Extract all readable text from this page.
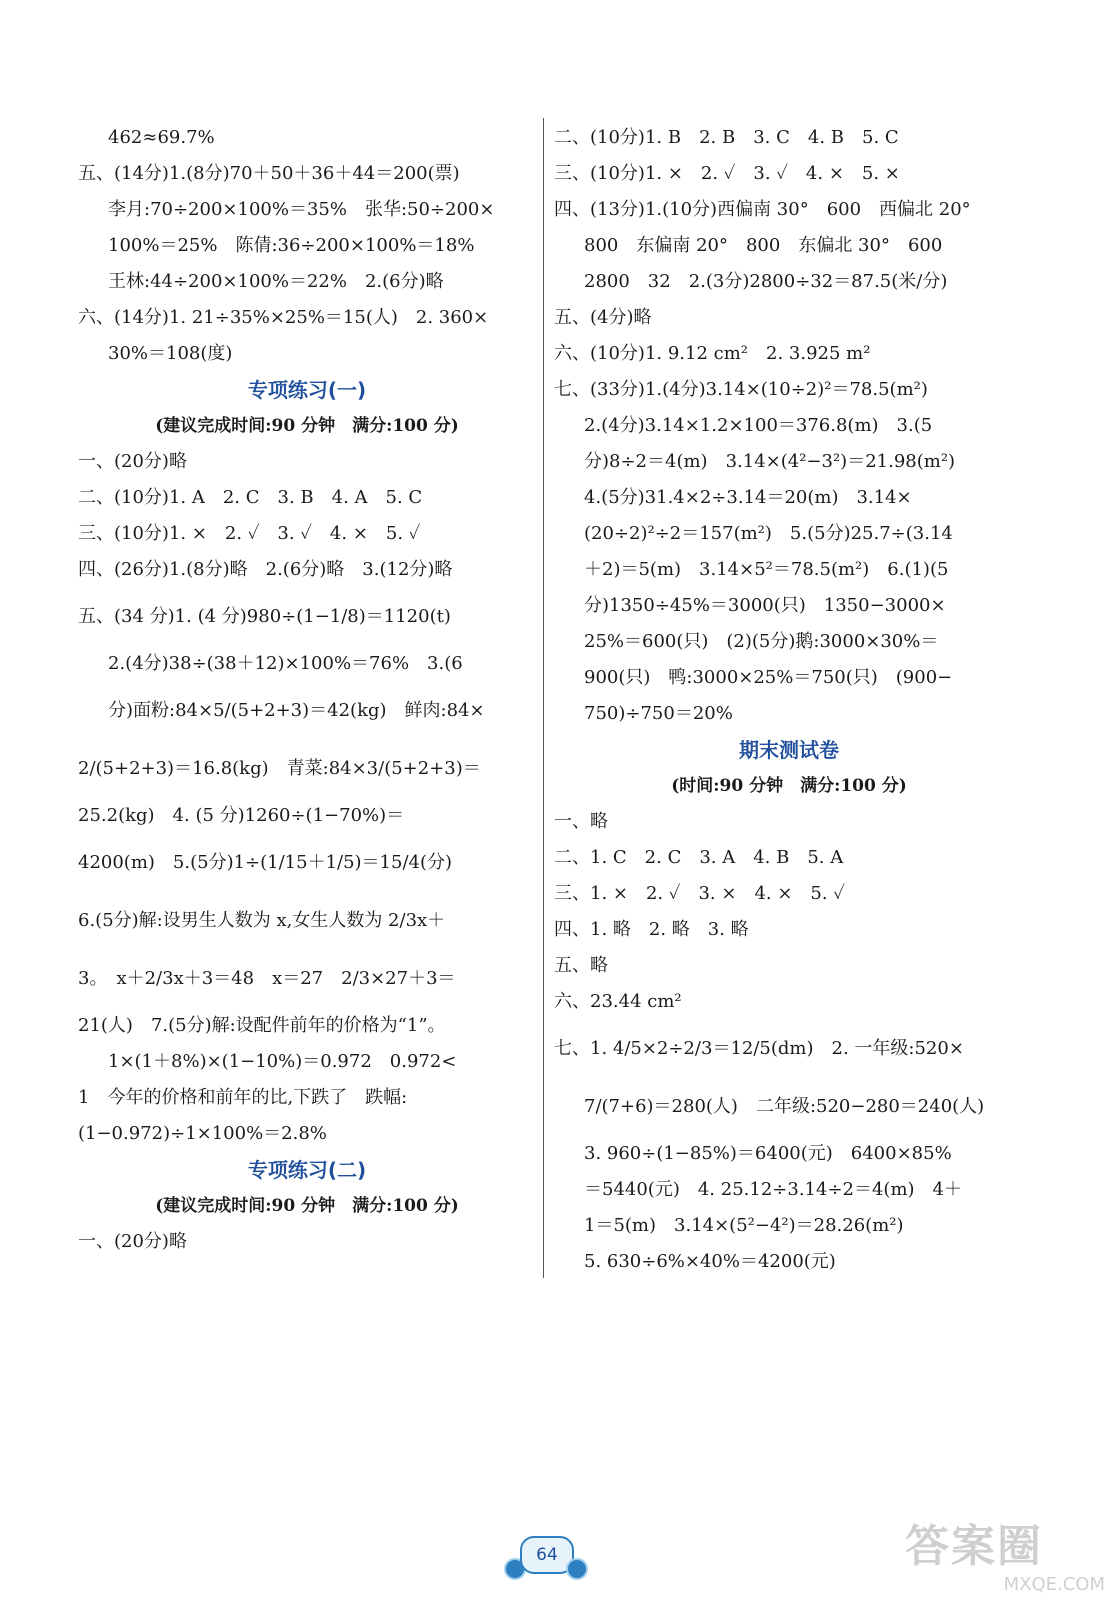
462≈69.7%
五、(14分)1.(8分)70＋50＋36＋44＝200(票)
李月:70÷200×100%＝35%　张华:50÷200×
100%＝25%　陈倩:36÷200×100%＝18%
王林:44÷200×100%＝22%　2.(6分)略
六、(14分)1. 21÷35%×25%＝15(人)　2. 360×
30%＝108(度)
专项练习(一)
(建议完成时间:90 分钟　满分:100 分)
一、(20分)略
二、(10分)1. A　2. C　3. B　4. A　5. C
三、(10分)1. ×　2. ✓　3. ✓　4. ×　5. ✓
四、(26分)1.(8分)略　2.(6分)略　3.(12分)略
五、(34 分)1. (4 分)980÷(1−1/8)＝1120(t)
2.(4分)38÷(38＋12)×100%＝76%　3.(6
分)面粉:84×5/(5+2+3)＝42(kg)　鲜肉:84×
2/(5+2+3)＝16.8(kg)　青菜:84×3/(5+2+3)＝
25.2(kg)　4. (5 分)1260÷(1−70%)＝
4200(m)　5.(5分)1÷(1/15＋1/5)＝15/4(分)
6.(5分)解:设男生人数为 x,女生人数为 2/3x＋
3。　x＋2/3x＋3＝48　x＝27　2/3×27＋3＝
21(人)　7.(5分)解:设配件前年的价格为“1”。
1×(1＋8%)×(1−10%)＝0.972　0.972<
1　今年的价格和前年的比,下跌了　跌幅:
(1−0.972)÷1×100%＝2.8%
专项练习(二)
(建议完成时间:90 分钟　满分:100 分)
一、(20分)略
二、(10分)1. B　2. B　3. C　4. B　5. C
三、(10分)1. ×　2. ✓　3. ✓　4. ×　5. ×
四、(13分)1.(10分)西偏南 30°　600　西偏北 20°
800　东偏南 20°　800　东偏北 30°　600
2800　32　2.(3分)2800÷32＝87.5(米/分)
五、(4分)略
六、(10分)1. 9.12 cm²　2. 3.925 m²
七、(33分)1.(4分)3.14×(10÷2)²＝78.5(m²)
2.(4分)3.14×1.2×100＝376.8(m)　3.(5
分)8÷2＝4(m)　3.14×(4²−3²)＝21.98(m²)
4.(5分)31.4×2÷3.14＝20(m)　3.14×
(20÷2)²÷2＝157(m²)　5.(5分)25.7÷(3.14
＋2)＝5(m)　3.14×5²＝78.5(m²)　6.(1)(5
分)1350÷45%＝3000(只)　1350−3000×
25%＝600(只)　(2)(5分)鹅:3000×30%＝
900(只)　鸭:3000×25%＝750(只)　(900−
750)÷750＝20%
期末测试卷
(时间:90 分钟　满分:100 分)
一、略
二、1. C　2. C　3. A　4. B　5. A
三、1. ×　2. ✓　3. ×　4. ×　5. ✓
四、1. 略　2. 略　3. 略
五、略
六、23.44 cm²
七、1. 4/5×2÷2/3＝12/5(dm)　2. 一年级:520×
7/(7+6)＝280(人)　二年级:520−280＝240(人)
3. 960÷(1−85%)＝6400(元)　6400×85%
＝5440(元)　4. 25.12÷3.14÷2＝4(m)　4＋
1＝5(m)　3.14×(5²−4²)＝28.26(m²)
5. 630÷6%×40%＝4200(元)
64	答案圈
MXQE.COM
